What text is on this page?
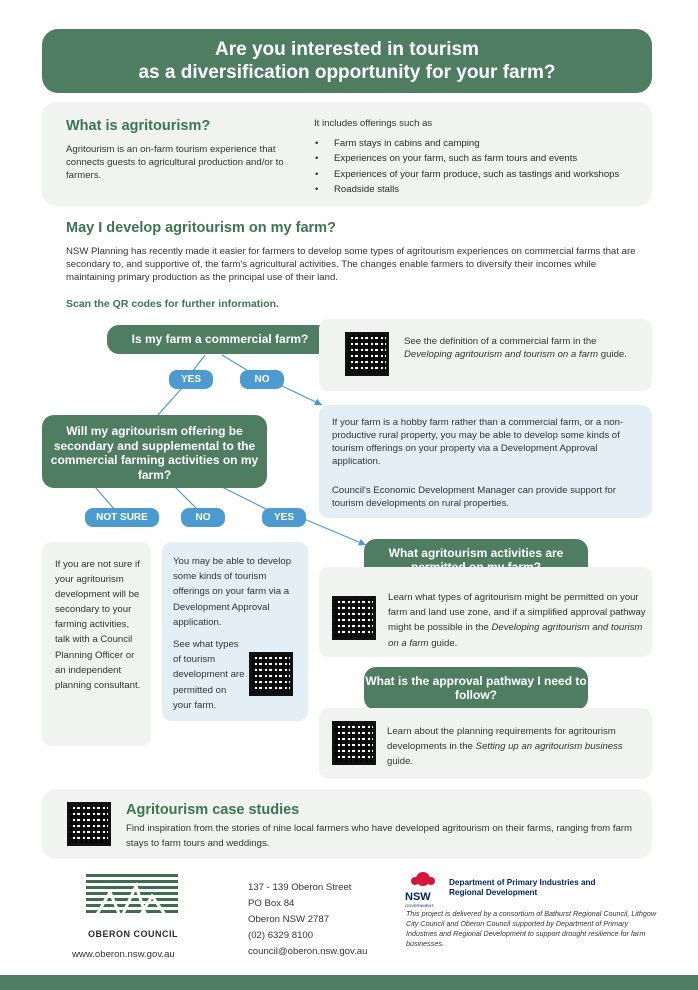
Are you interested in tourism
as a diversification opportunity for your farm?
What is agritourism?

Agritourism is an on-farm tourism experience that connects guests to agricultural production and/or to farmers.

It includes offerings such as

• Farm stays in cabins and camping
• Experiences on your farm, such as farm tours and events
• Experiences of your farm produce, such as tastings and workshops
• Roadside stalls
May I develop agritourism on my farm?

NSW Planning has recently made it easier for farmers to develop some types of agritourism experiences on commercial farms that are secondary to, and supportive of, the farm's agricultural activities. The changes enable farmers to diversify their incomes while maintaining primary production as the principal use of their land.

Scan the QR codes for further information.

Is my farm a commercial farm?	See the definition of a commercial farm in the Developing agritourism and tourism on a farm guide.

YES	NO

If your farm is a hobby farm rather than a commercial farm, or a non-productive rural property, you may be able to develop some kinds of tourism offerings on your property via a Development Approval application.

Council's Economic Development Manager can provide support for tourism developments on rural properties.

Will my agritourism offering be secondary and supplemental to the commercial farming activities on my farm?
NOT SURE	NO	YES

If you are not sure if your agritourism development will be secondary to your farming activities, talk with a Council Planning Officer or an independent planning consultant.

You may be able to develop some kinds of tourism offerings on your farm via a Development Approval application.

See what types of tourism development are permitted on your farm.

What agritourism activities are

Learn what types of agritourism might be permitted on your farm and land use zone, and if a simplified approval pathway might be possible in the Developing agritourism and tourism on a farm guide.

What is the approval pathway I need to follow?

Learn about the planning requirements for agritourism developments in the Setting up an agritourism business guide.

Agritourism case studies

Find inspiration from the stories of nine local farmers who have developed agritourism on their farms, ranging from farm stays to farm tours and weddings.

OBERON COUNCIL
www.oberon.nsw.gov.au
137 - 139 Oberon Street
PO Box 84
Oberon NSW 2787
(02) 6329 8100
council@oberon.nsw.gov.au
NSW
GOVERNMENT
Department of Primary Industries and Regional Development

This project is delivered by a consortium of Bathurst Regional Council, Lithgow City Council and Oberon Council supported by Department of Primary Industries and Regional Development to support drought resilience for farm businesses.
